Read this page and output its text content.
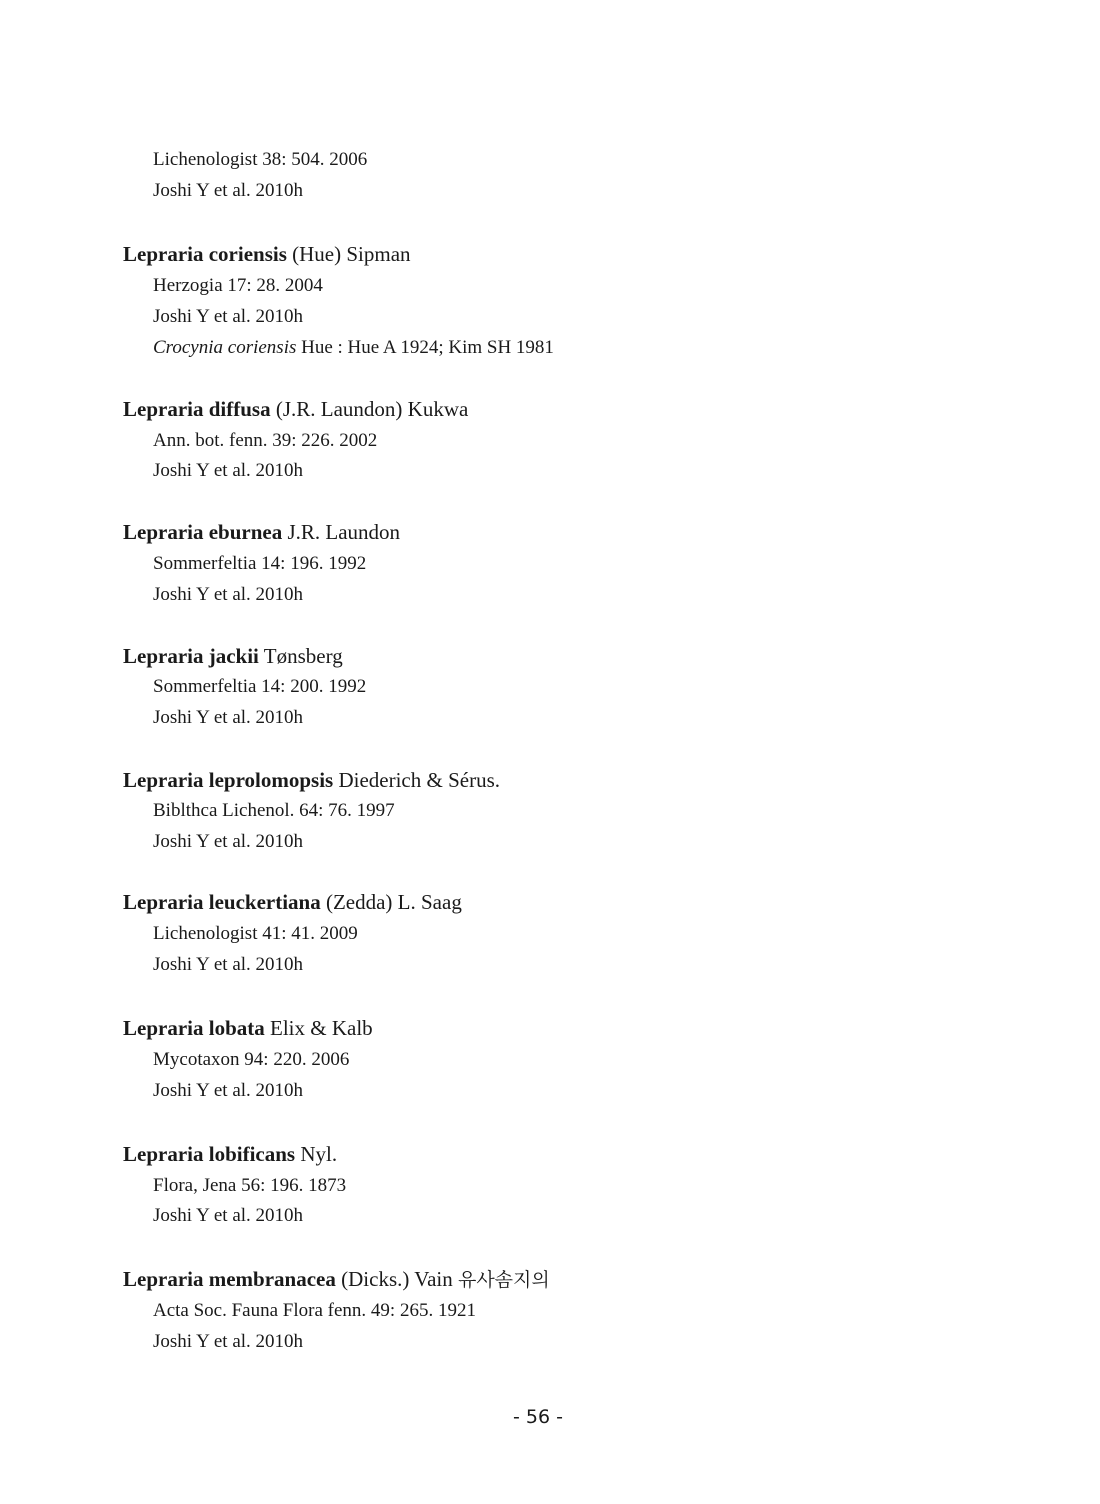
Lichenologist 38: 504. 2006
Joshi Y et al. 2010h
Lepraria coriensis (Hue) Sipman
Herzogia 17: 28. 2004
Joshi Y et al. 2010h
Crocynia coriensis Hue : Hue A 1924; Kim SH 1981
Lepraria diffusa (J.R. Laundon) Kukwa
Ann. bot. fenn. 39: 226. 2002
Joshi Y et al. 2010h
Lepraria eburnea J.R. Laundon
Sommerfeltia 14: 196. 1992
Joshi Y et al. 2010h
Lepraria jackii Tønsberg
Sommerfeltia 14: 200. 1992
Joshi Y et al. 2010h
Lepraria leprolomopsis Diederich & Sérus.
Biblthca Lichenol. 64: 76. 1997
Joshi Y et al. 2010h
Lepraria leuckertiana (Zedda) L. Saag
Lichenologist 41: 41. 2009
Joshi Y et al. 2010h
Lepraria lobata Elix & Kalb
Mycotaxon 94: 220. 2006
Joshi Y et al. 2010h
Lepraria lobificans Nyl.
Flora, Jena 56: 196. 1873
Joshi Y et al. 2010h
Lepraria membranacea (Dicks.) Vain 유사솜지의
Acta Soc. Fauna Flora fenn. 49: 265. 1921
Joshi Y et al. 2010h
- 56 -
